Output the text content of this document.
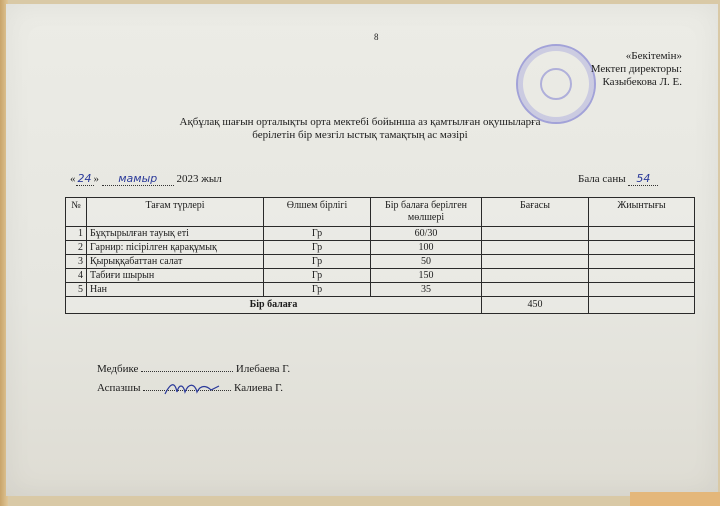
8
«Бекітемін»
Мектеп директоры:
Казыбекова Л. Е.
Ақбұлақ шағын орталықты орта мектебі бойынша аз қамтылған оқушыларға
берілетін бір мезгіл ыстық тамақтың ас мәзірі
« 24 » мамыр 2023 жыл	Бала саны 54
№	Тағам түрлері	Өлшем бірлігі	Бір балаға берілген мөлшері	Бағасы	Жиынтығы
1	Бұқтырылған тауық еті	Гр	60/30		
2	Гарнир: пісірілген қарақұмық	Гр	100		
3	Қырыққабаттан салат	Гр	50		
4	Табиғи шырын	Гр	150		
5	Нан	Гр	35		
Бір балаға				450	
Медбике	Илебаева Г.
Аспазшы	Калиева Г.
